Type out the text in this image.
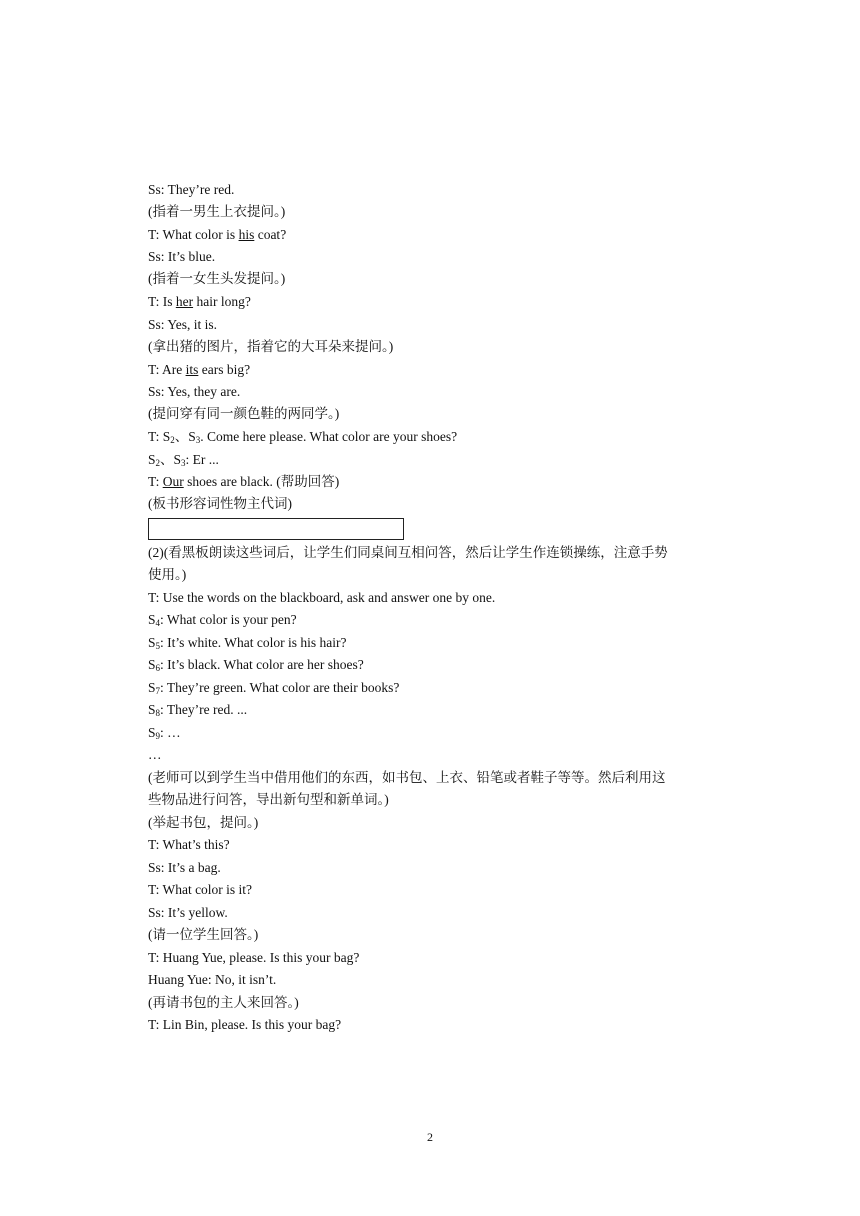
Ss: They’re red.
(指着一男生上衣提问。)
T: What color is his coat?
Ss: It’s blue.
(指着一女生头发提问。)
T: Is her hair long?
Ss: Yes, it is.
(拿出猪的图片，指着它的大耳朵来提问。)
T: Are its ears big?
Ss: Yes, they are.
(提问穿有同一颜色鞋的两同学。)
T: $S_2$、$S_3$. Come here please. What color are your shoes?
$S_2$、$S_3$: Er ...
T: Our shoes are black. (帮助回答)
(板书形容词性物主代词)

(2)(看黑板朗读这些词后，让学生们同桌间互相问答，然后让学生作连锁操练，注意手势
使用。)
T: Use the words on the blackboard, ask and answer one by one.
$S_4$: What color is your pen?
$S_5$: It’s white. What color is his hair?
$S_6$: It’s black. What color are her shoes?
$S_7$: They’re green. What color are their books?
$S_8$: They’re red. ...
$S_9$: …
…
(老师可以到学生当中借用他们的东西，如书包、上衣、铅笔或者鞋子等等。然后利用这
些物品进行问答，导出新句型和新单词。)
(举起书包，提问。)
T: What’s this?
Ss: It’s a bag.
T: What color is it?
Ss: It’s yellow.
(请一位学生回答。)
T: Huang Yue, please. Is this your bag?
Huang Yue: No, it isn’t.
(再请书包的主人来回答。)
T: Lin Bin, please. Is this your bag?
2
